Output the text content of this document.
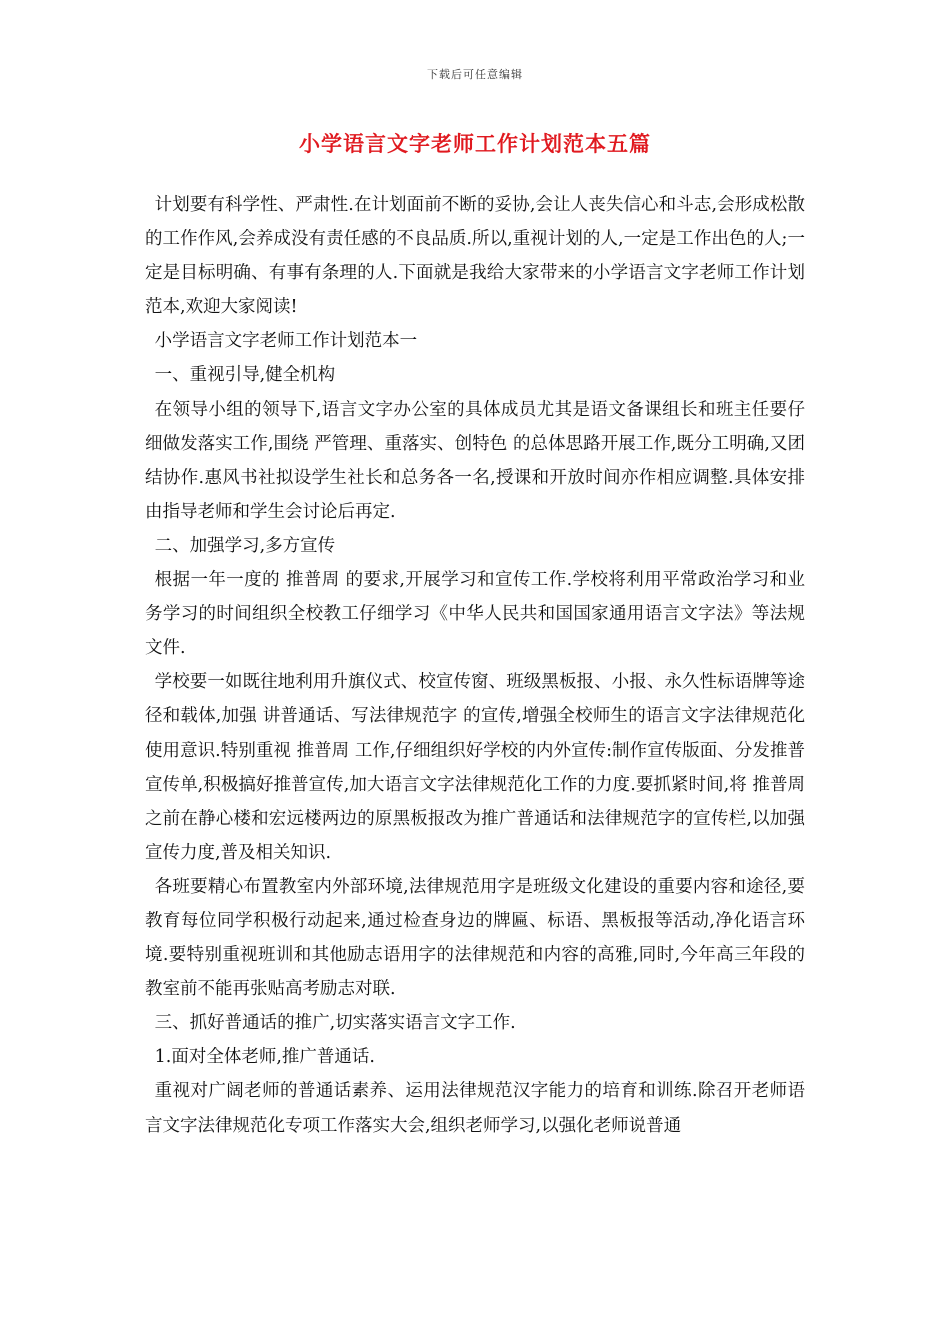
下载后可任意编辑
小学语言文字老师工作计划范本五篇

计划要有科学性、严肃性.在计划面前不断的妥协,会让人丧失信心和斗志,会形成松散的工作作风,会养成没有责任感的不良品质.所以,重视计划的人,一定是工作出色的人;一定是目标明确、有事有条理的人.下面就是我给大家带来的小学语言文字老师工作计划范本,欢迎大家阅读!

小学语言文字老师工作计划范本一

一、重视引导,健全机构

在领导小组的领导下,语言文字办公室的具体成员尤其是语文备课组长和班主任要仔细做发落实工作,围绕 严管理、重落实、创特色 的总体思路开展工作,既分工明确,又团结协作.惠风书社拟设学生社长和总务各一名,授课和开放时间亦作相应调整.具体安排由指导老师和学生会讨论后再定.

二、加强学习,多方宣传

根据一年一度的 推普周 的要求,开展学习和宣传工作.学校将利用平常政治学习和业务学习的时间组织全校教工仔细学习《中华人民共和国国家通用语言文字法》等法规文件.

学校要一如既往地利用升旗仪式、校宣传窗、班级黑板报、小报、永久性标语牌等途径和载体,加强 讲普通话、写法律规范字 的宣传,增强全校师生的语言文字法律规范化使用意识.特别重视 推普周 工作,仔细组织好学校的内外宣传:制作宣传版面、分发推普宣传单,积极搞好推普宣传,加大语言文字法律规范化工作的力度.要抓紧时间,将 推普周 之前在静心楼和宏远楼两边的原黑板报改为推广普通话和法律规范字的宣传栏,以加强宣传力度,普及相关知识.

各班要精心布置教室内外部环境,法律规范用字是班级文化建设的重要内容和途径,要教育每位同学积极行动起来,通过检查身边的牌匾、标语、黑板报等活动,净化语言环境.要特别重视班训和其他励志语用字的法律规范和内容的高雅,同时,今年高三年段的教室前不能再张贴高考励志对联.

三、抓好普通话的推广,切实落实语言文字工作.

1.面对全体老师,推广普通话.

重视对广阔老师的普通话素养、运用法律规范汉字能力的培育和训练.除召开老师语言文字法律规范化专项工作落实大会,组织老师学习,以强化老师说普通
